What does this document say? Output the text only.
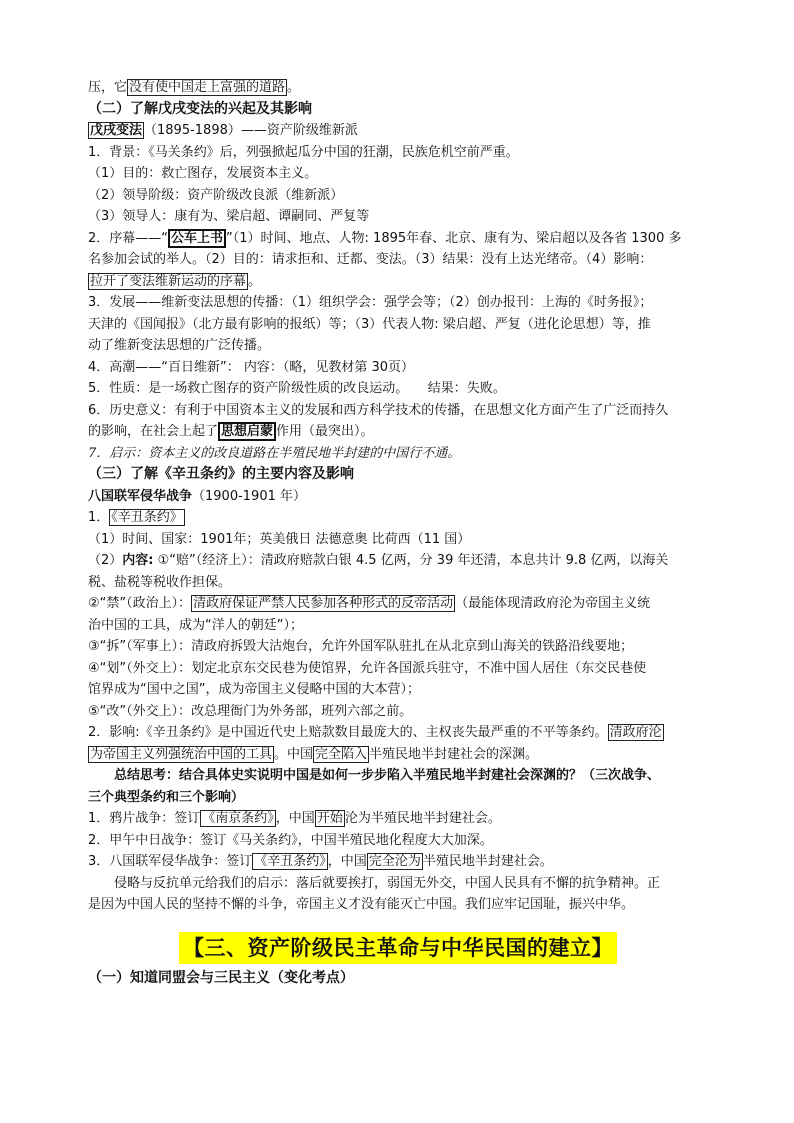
压，它 没有使中国走上富强的道路 。
（二）了解戊戌变法的兴起及其影响
戊戌变法 （1895-1898）——资产阶级维新派
1．背景：《马关条约》后，列强掀起瓜分中国的狂潮，民族危机空前严重。
（1）目的：救亡图存，发展资本主义。
（2）领导阶级：资产阶级改良派（维新派）
（3）领导人：康有为、梁启超、谭嗣同、严复等
2．序幕——“ 公车上书 ”（1）时间、地点、人物: 1895年春、北京、康有为、梁启超以及各省 1300 多
名参加会试的举人。（2）目的：请求拒和、迁都、变法。（3）结果：没有上达光绪帝。（4）影响：
拉开了变法维新运动的序幕 。
3．发展——维新变法思想的传播：（1）组织学会：强学会等；（2）创办报刊：上海的《时务报》；
天津的《国闻报》（北方最有影响的报纸）等；（3）代表人物: 梁启超、严复（进化论思想）等，推
动了维新变法思想的广泛传播。
4．高潮——“百日维新”： 内容：（略，见教材第 30页）
5．性质：是一场救亡图存的资产阶级性质的改良运动。　　结果：失败。
6．历史意义：有利于中国资本主义的发展和西方科学技术的传播，在思想文化方面产生了广泛而持久
的影响，在社会上起了 思想启蒙 作用（最突出）。
7．启示：资本主义的改良道路在半殖民地半封建的中国行不通。
（三）了解《辛丑条约》的主要内容及影响
八国联军侵华战争（1900-1901 年）
1． 《辛丑条约》
（1）时间、国家：1901年；英美俄日 法德意奥 比荷西（11 国）
（2）内容: ①“赔”（经济上）：清政府赔款白银 4.5 亿两，分 39 年还清，本息共计 9.8 亿两，以海关
税、盐税等税收作担保。
②“禁”（政治上）： 清政府保证严禁人民参加各种形式的反帝活动 （最能体现清政府沦为帝国主义统
治中国的工具，成为“洋人的朝廷”）；
③“拆”（军事上）：清政府拆毁大沽炮台，允许外国军队驻扎在从北京到山海关的铁路沿线要地；
④“划”（外交上）：划定北京东交民巷为使馆界，允许各国派兵驻守，不准中国人居住（东交民巷使
馆界成为“国中之国”，成为帝国主义侵略中国的大本营）；
⑤“改”（外交上）：改总理衙门为外务部，班列六部之前。
2．影响:《辛丑条约》是中国近代史上赔款数目最庞大的、主权丧失最严重的不平等条约。 清政府沦
为帝国主义列强统治中国的工具 。中国 完全陷入 半殖民地半封建社会的深渊。
总结思考：结合具体史实说明中国是如何一步步陷入半殖民地半封建社会深渊的？（三次战争、
三个典型条约和三个影响）
1．鸦片战争：签订 《南京条约》 ，中国 开始 沦为半殖民地半封建社会。
2．甲午中日战争：签订《马关条约》，中国半殖民地化程度大大加深。
3．八国联军侵华战争：签订 《辛丑条约》 ，中国 完全沦为 半殖民地半封建社会。
侵略与反抗单元给我们的启示：落后就要挨打，弱国无外交，中国人民具有不懈的抗争精神。正
是因为中国人民的坚持不懈的斗争，帝国主义才没有能灭亡中国。我们应牢记国耻，振兴中华。
【三、资产阶级民主革命与中华民国的建立】
（一）知道同盟会与三民主义（变化考点）
